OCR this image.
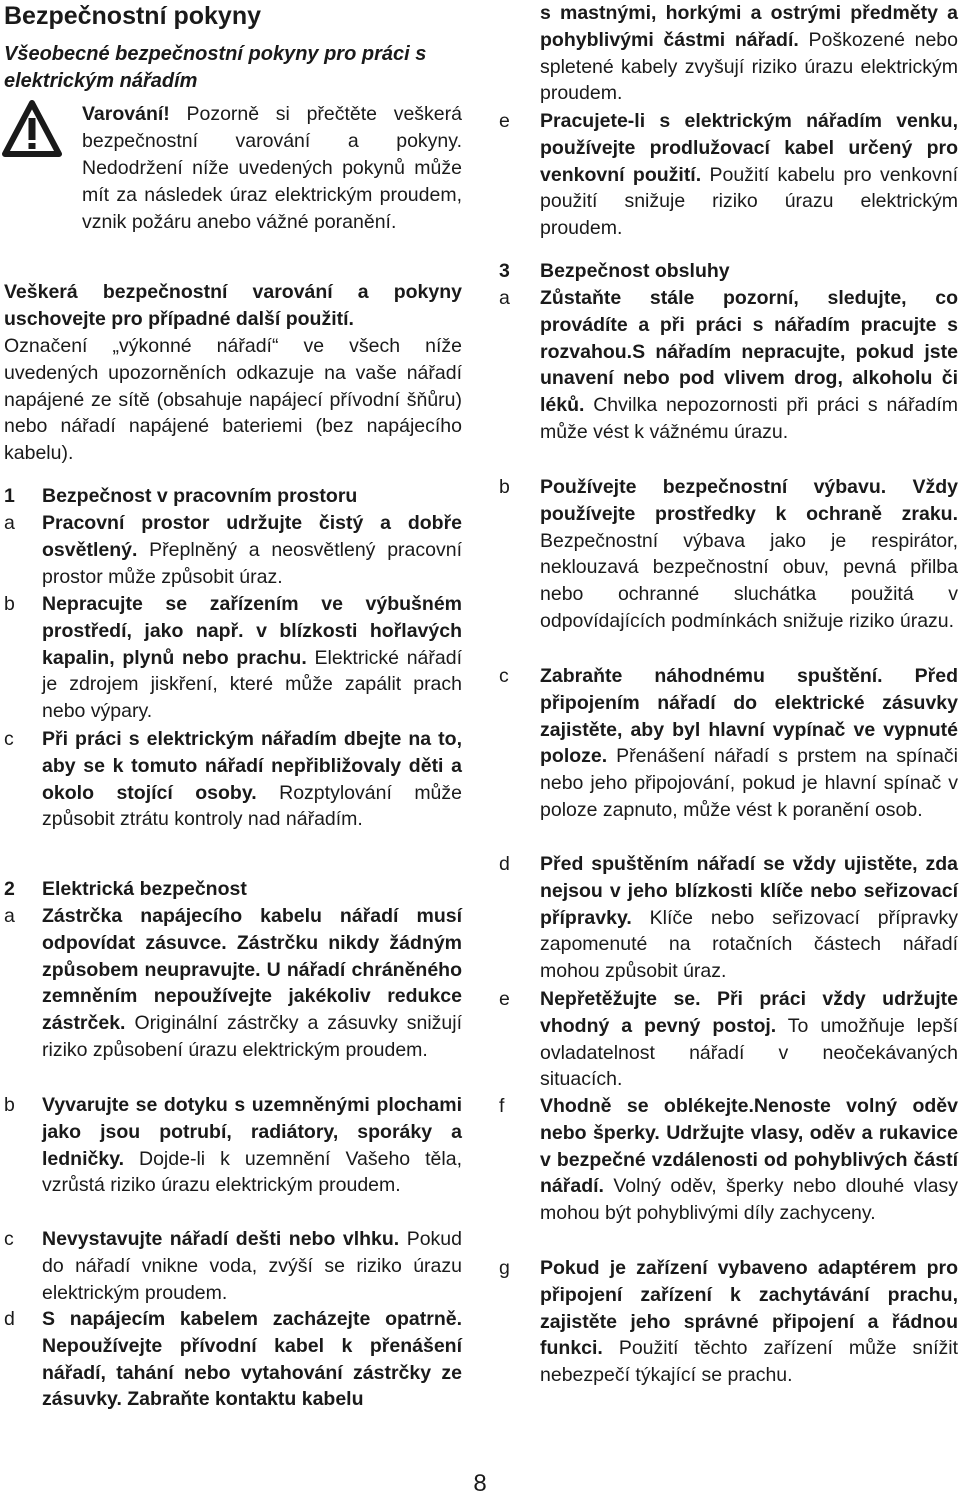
Bezpečnostní pokyny
Všeobecné bezpečnostní pokyny pro práci s elektrickým nářadím
Varování! Pozorně si přečtěte veškerá bezpečnostní varování a pokyny. Nedodržení níže uvedených pokynů může mít za následek úraz elektrickým proudem, vznik požáru anebo vážné poranění.
Veškerá bezpečnostní varování a pokyny uschovejte pro případné další použití.
Označení „výkonné nářadí“ ve všech níže uvedených upozorněních odkazuje na vaše nářadí napájené ze sítě (obsahuje napájecí přívodní šňůru) nebo nářadí napájené bateriemi (bez napájecího kabelu).
1	Bezpečnost v pracovním prostoru
a	Pracovní prostor udržujte čistý a dobře osvětlený. Přeplněný a neosvětlený pracovní prostor může způsobit úraz.
b	Nepracujte se zařízením ve výbušném prostředí, jako např. v blízkosti hořlavých kapalin, plynů nebo prachu. Elektrické nářadí je zdrojem jiskření, které může zapálit prach nebo výpary.
c	Při práci s elektrickým nářadím dbejte na to, aby se k tomuto nářadí nepřibližovaly děti a okolo stojící osoby. Rozptylování může způsobit ztrátu kontroly nad nářadím.
2	Elektrická bezpečnost
a	Zástrčka napájecího kabelu nářadí musí odpovídat zásuvce. Zástrčku nikdy žádným způsobem neupravujte. U nářadí chráněného zemněním nepoužívejte jakékoliv redukce zástrček. Originální zástrčky a zásuvky snižují riziko způsobení úrazu elektrickým proudem.
b	Vyvarujte se dotyku s uzemněnými plochami jako jsou potrubí, radiátory, sporáky a ledničky. Dojde-li k uzemnění Vašeho těla, vzrůstá riziko úrazu elektrickým proudem.
c	Nevystavujte nářadí dešti nebo vlhku. Pokud do nářadí vnikne voda, zvýší se riziko úrazu elektrickým proudem.
d	S napájecím kabelem zacházejte opatrně. Nepoužívejte přívodní kabel k přenášení nářadí, tahání nebo vytahování zástrčky ze zásuvky. Zabraňte kontaktu kabelu
s mastnými, horkými a ostrými předměty a pohyblivými částmi nářadí. Poškozené nebo spletené kabely zvyšují riziko úrazu elektrickým proudem.
e	Pracujete-li s elektrickým nářadím venku, používejte prodlužovací kabel určený pro venkovní použití. Použití kabelu pro venkovní použití snižuje riziko úrazu elektrickým proudem.
3	Bezpečnost obsluhy
a	Zůstaňte stále pozorní, sledujte, co provádíte a při práci s nářadím pracujte s rozvahou.S nářadím nepracujte, pokud jste unavení nebo pod vlivem drog, alkoholu či léků. Chvilka nepozornosti při práci s nářadím může vést k vážnému úrazu.
b	Používejte bezpečnostní výbavu. Vždy používejte prostředky k ochraně zraku. Bezpečnostní výbava jako je respirátor, neklouzavá bezpečnostní obuv, pevná přilba nebo ochranné sluchátka použitá v odpovídajících podmínkách snižuje riziko úrazu.
c	Zabraňte náhodnému spuštění. Před připojením nářadí do elektrické zásuvky zajistěte, aby byl hlavní vypínač ve vypnuté poloze. Přenášení nářadí s prstem na spínači nebo jeho připojování, pokud je hlavní spínač v poloze zapnuto, může vést k poranění osob.
d	Před spuštěním nářadí se vždy ujistěte, zda nejsou v jeho blízkosti klíče nebo seřizovací přípravky. Klíče nebo seřizovací přípravky zapomenuté na rotačních částech nářadí mohou způsobit úraz.
e	Nepřetěžujte se. Při práci vždy udržujte vhodný a pevný postoj. To umožňuje lepší ovladatelnost nářadí v neočekávaných situacích.
f	Vhodně se oblékejte.Nenoste volný oděv nebo šperky. Udržujte vlasy, oděv a rukavice v bezpečné vzdálenosti od pohyblivých částí nářadí. Volný oděv, šperky nebo dlouhé vlasy mohou být pohyblivými díly zachyceny.
g	Pokud je zařízení vybaveno adaptérem pro připojení zařízení k zachytávání prachu, zajistěte jeho správné připojení a řádnou funkci. Použití těchto zařízení může snížit nebezpečí týkající se prachu.
8
